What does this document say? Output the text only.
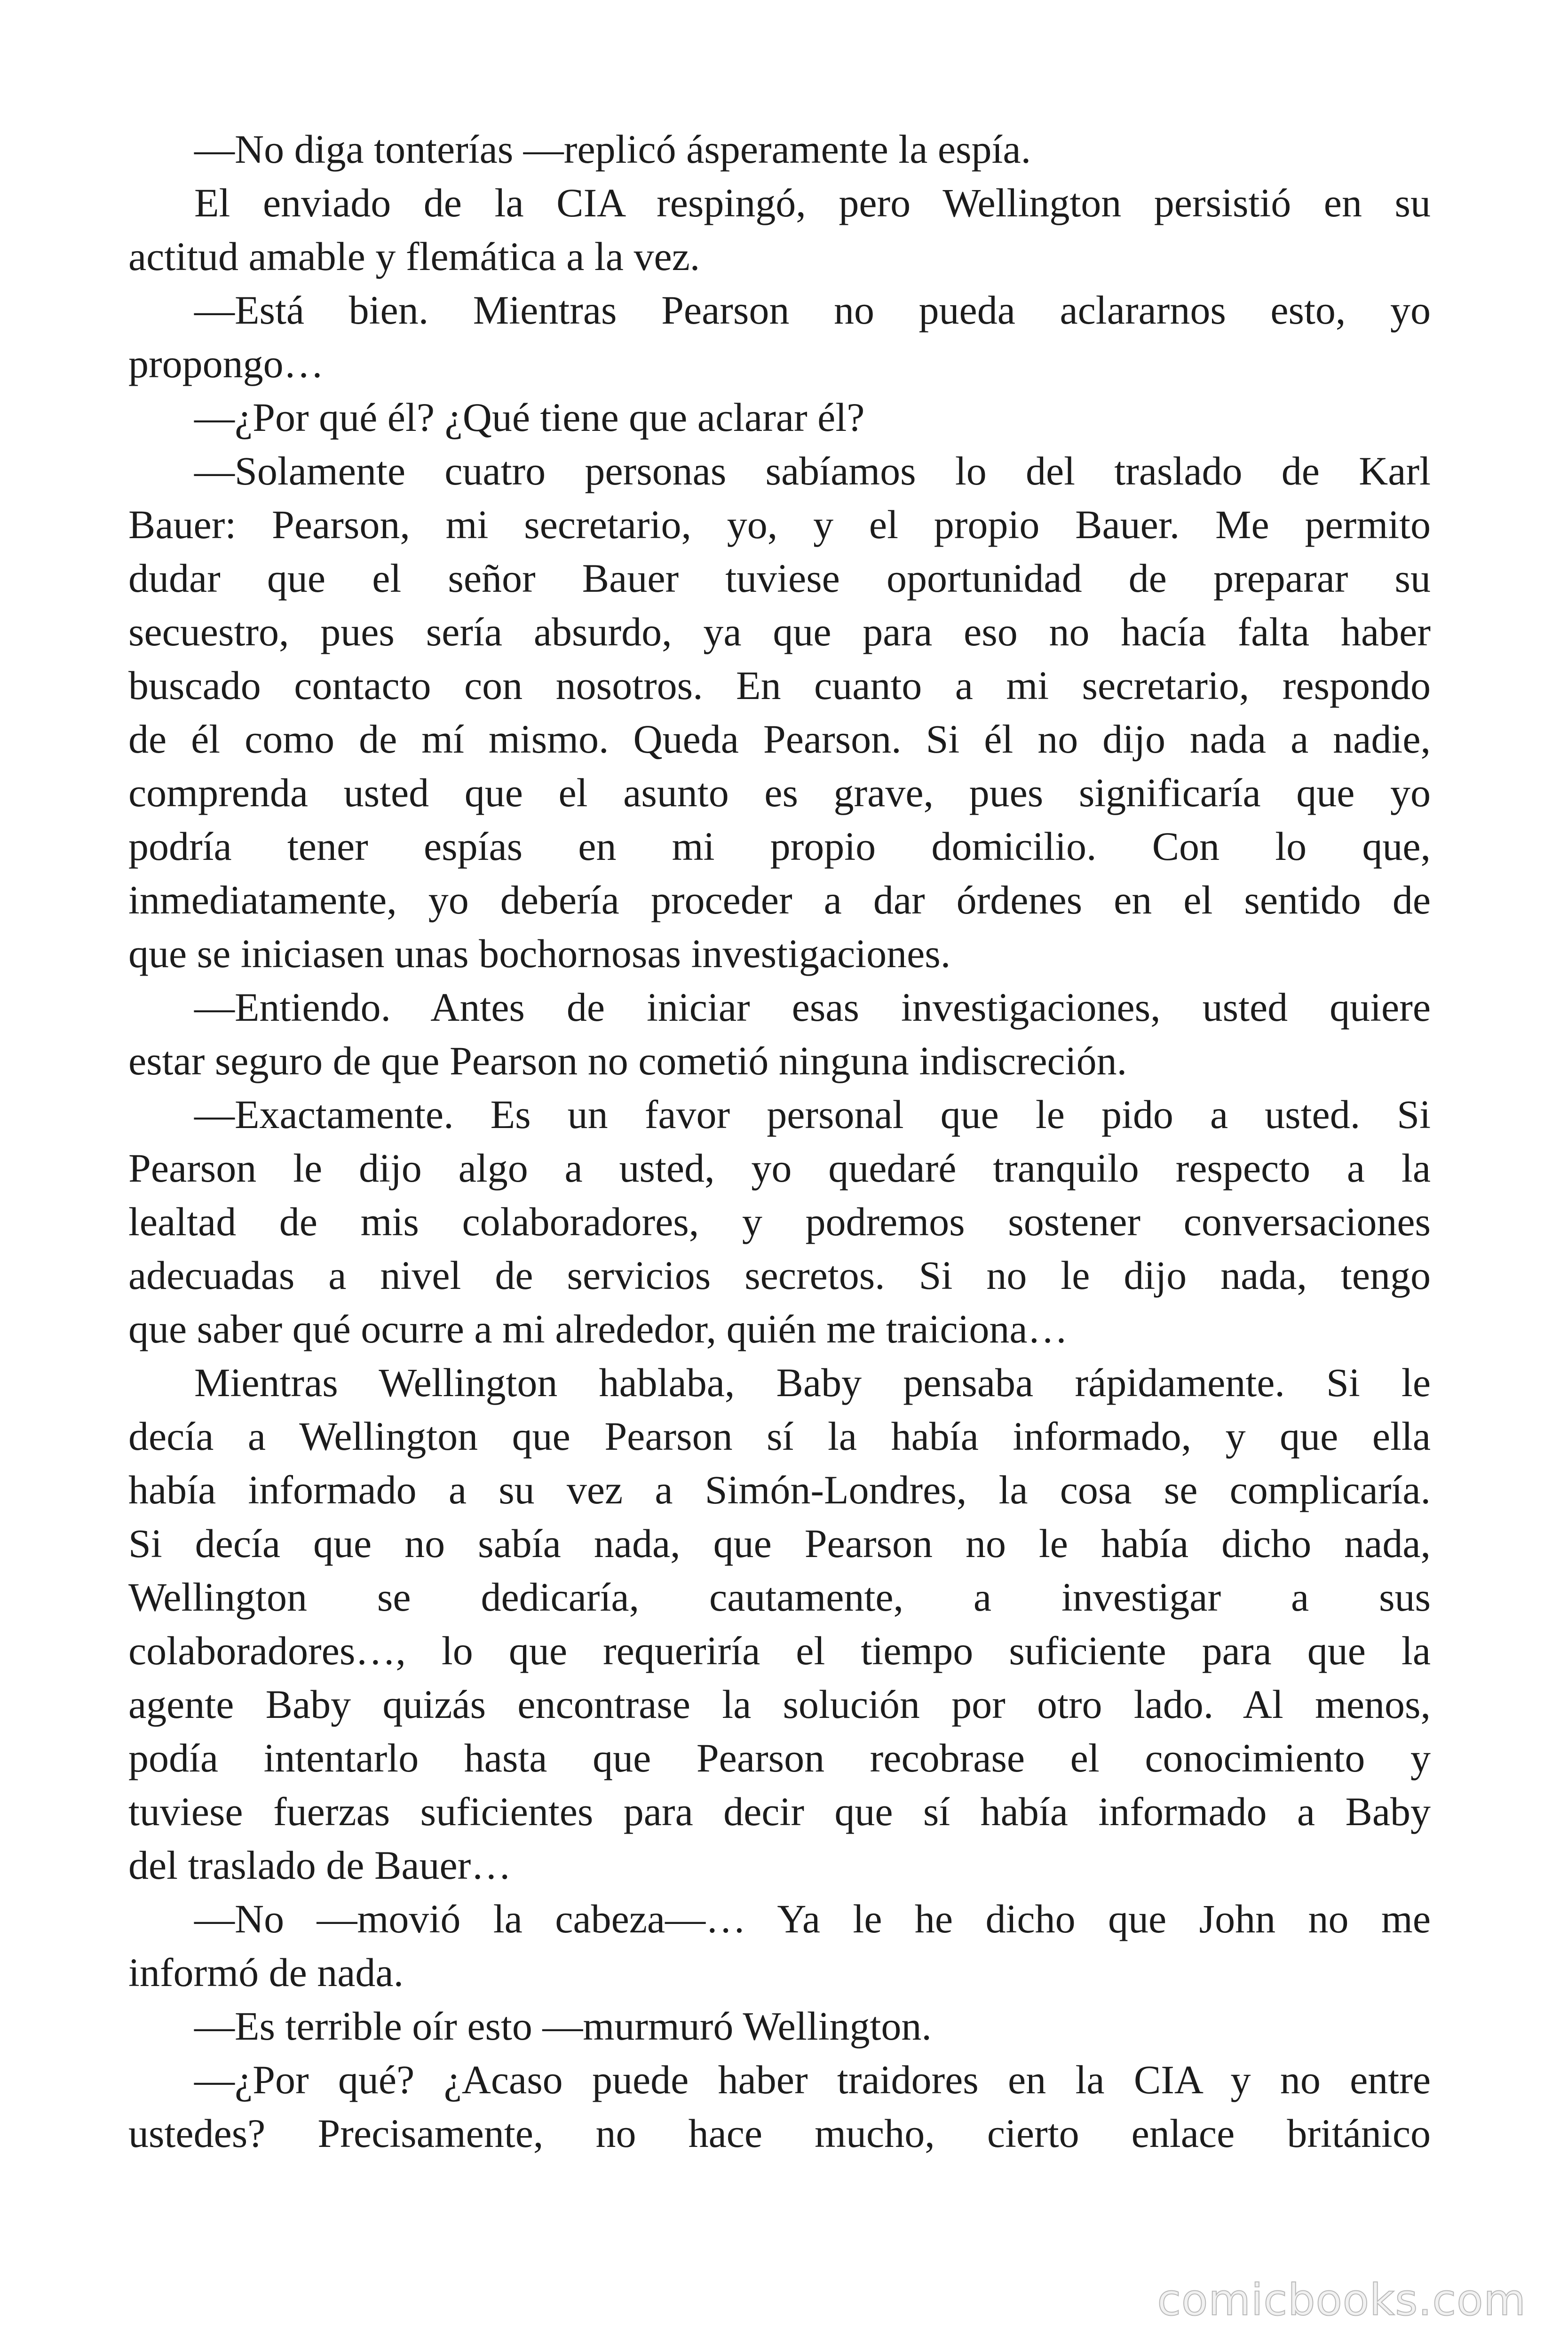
—No diga tonterías —replicó ásperamente la espía.

El enviado de la CIA respingó, pero Wellington persistió en su
actitud amable y flemática a la vez.

—Está bien. Mientras Pearson no pueda aclararnos esto, yo
propongo…

—¿Por qué él? ¿Qué tiene que aclarar él?

—Solamente cuatro personas sabíamos lo del traslado de Karl
Bauer: Pearson, mi secretario, yo, y el propio Bauer. Me permito
dudar que el señor Bauer tuviese oportunidad de preparar su
secuestro, pues sería absurdo, ya que para eso no hacía falta haber
buscado contacto con nosotros. En cuanto a mi secretario, respondo
de él como de mí mismo. Queda Pearson. Si él no dijo nada a nadie,
comprenda usted que el asunto es grave, pues significaría que yo
podría tener espías en mi propio domicilio. Con lo que,
inmediatamente, yo debería proceder a dar órdenes en el sentido de
que se iniciasen unas bochornosas investigaciones.

—Entiendo. Antes de iniciar esas investigaciones, usted quiere
estar seguro de que Pearson no cometió ninguna indiscreción.

—Exactamente. Es un favor personal que le pido a usted. Si
Pearson le dijo algo a usted, yo quedaré tranquilo respecto a la
lealtad de mis colaboradores, y podremos sostener conversaciones
adecuadas a nivel de servicios secretos. Si no le dijo nada, tengo
que saber qué ocurre a mi alrededor, quién me traiciona…

Mientras Wellington hablaba, Baby pensaba rápidamente. Si le
decía a Wellington que Pearson sí la había informado, y que ella
había informado a su vez a Simón-Londres, la cosa se complicaría.
Si decía que no sabía nada, que Pearson no le había dicho nada,
Wellington se dedicaría, cautamente, a investigar a sus
colaboradores…, lo que requeriría el tiempo suficiente para que la
agente Baby quizás encontrase la solución por otro lado. Al menos,
podía intentarlo hasta que Pearson recobrase el conocimiento y
tuviese fuerzas suficientes para decir que sí había informado a Baby
del traslado de Bauer…

—No —movió la cabeza—… Ya le he dicho que John no me
informó de nada.

—Es terrible oír esto —murmuró Wellington.

—¿Por qué? ¿Acaso puede haber traidores en la CIA y no entre
ustedes? Precisamente, no hace mucho, cierto enlace británico

comicbooks.com
